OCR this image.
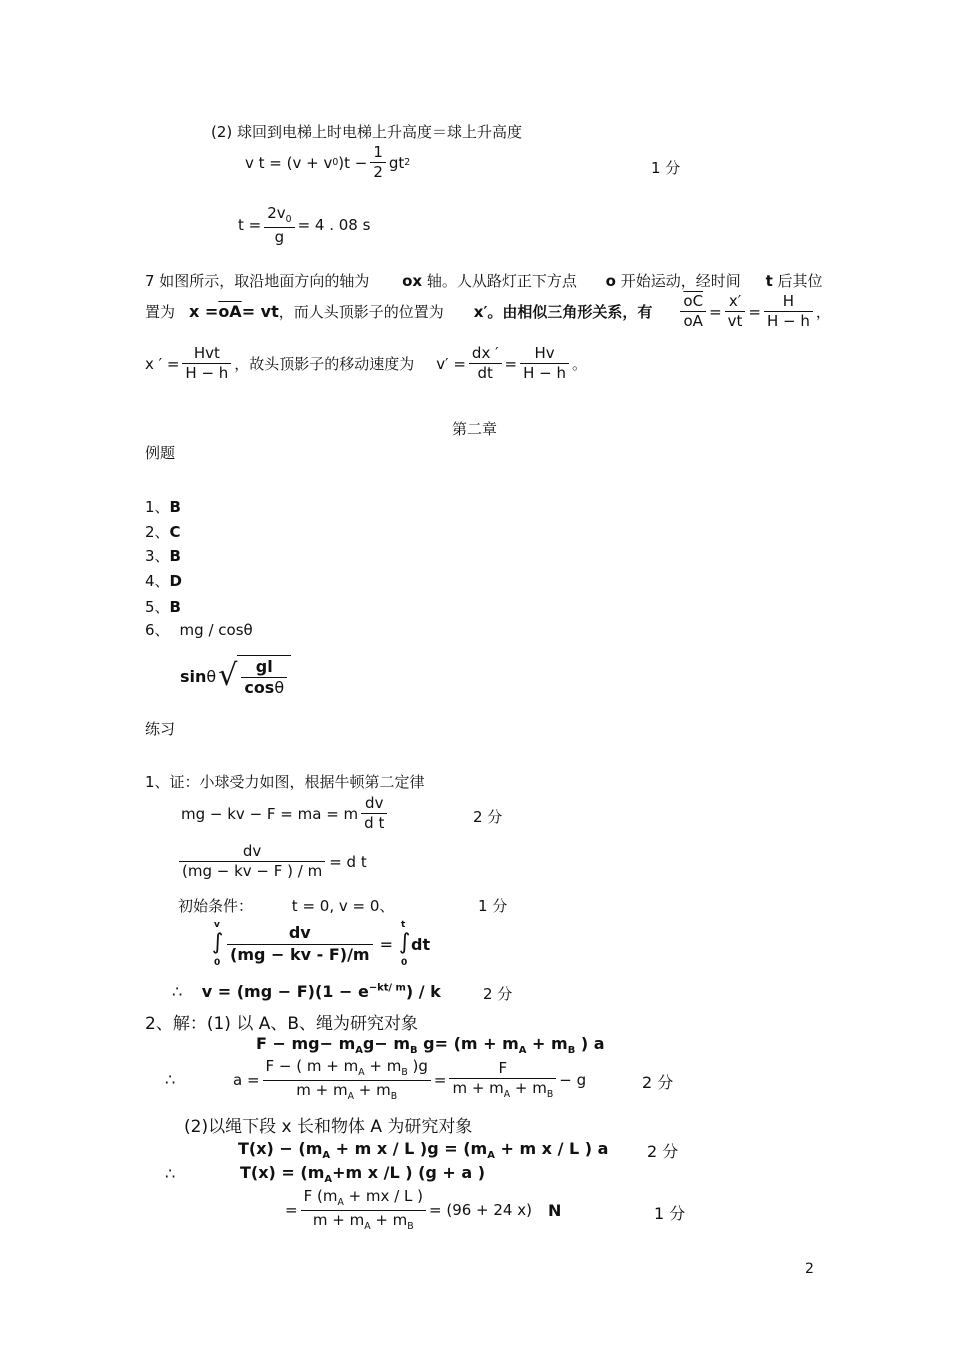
(2) 球回到电梯上时电梯上升高度＝球上升高度
v t = (v + v 0 )$t - \frac{1}{2}$ gt 2	1 分
$t = \frac{2v_0}{g} = 4$ . 08 s
7 如图所示，取沿地面方向的轴为 ox 轴。人从路灯正下方点 o 开始运动，经时间 t 后其位
置为 $x = \overline{oA}$ = vt ，而人头顶影子的位置为 x′。由相似三角形关系，有 $\frac{\overline{oC}}{oA} = \frac{x'}{vt} = \frac{H}{H - h}$ ，
x ′ = $\frac{\text{Hvt}}{H - h}$ ，故头顶影子的移动速度为 $v' = \frac{dx '}{dt} = \frac{Hv}{H - h}$ 。
第二章
例题
1、B
2、C
3、B
4、D
5、B
6、 mg / cosθ
sin θ √ $\frac{gl}{\cos\theta}$
练习
1、证：小球受力如图，根据牛顿第二定律
mg − kv − F = ma = m $\frac{dv}{\text{d t}}$	2 分
$\frac{dv}{(mg - kv - F ) / m} = d$ t
初始条件：	t = 0, v = 0、	1 分
v
∫
$0 \frac{dv}{(mg - kv - F)/m}$ =
t
∫
0
dt
∴ $v = (mg - F)(1 - e^{-kt/ m}) / k$	2 分
2、解：(1) 以 A、B、绳为研究对象
$F - mg- m_Ag- m_B$ $g= (m + m_A + m_B$ ) a
∴	$a = \frac{F - ( m + m_A + m_B )g}{m + m_A + m_B} = \frac{F}{m + m_A + m_B} - g$	2 分
(2)以绳下段 x 长和物体 A 为研究对象
$T(x) - (m_A + m$ x / L )$g = (m_A + m$ x / L ) a 2 分
∴	$T(x) = (m_A+m$ x /L ) (g + a )
= $\frac{F (m_A + mx / L )}{m + m_A + m_B} = (96 + 24$ x) N	1 分
2
